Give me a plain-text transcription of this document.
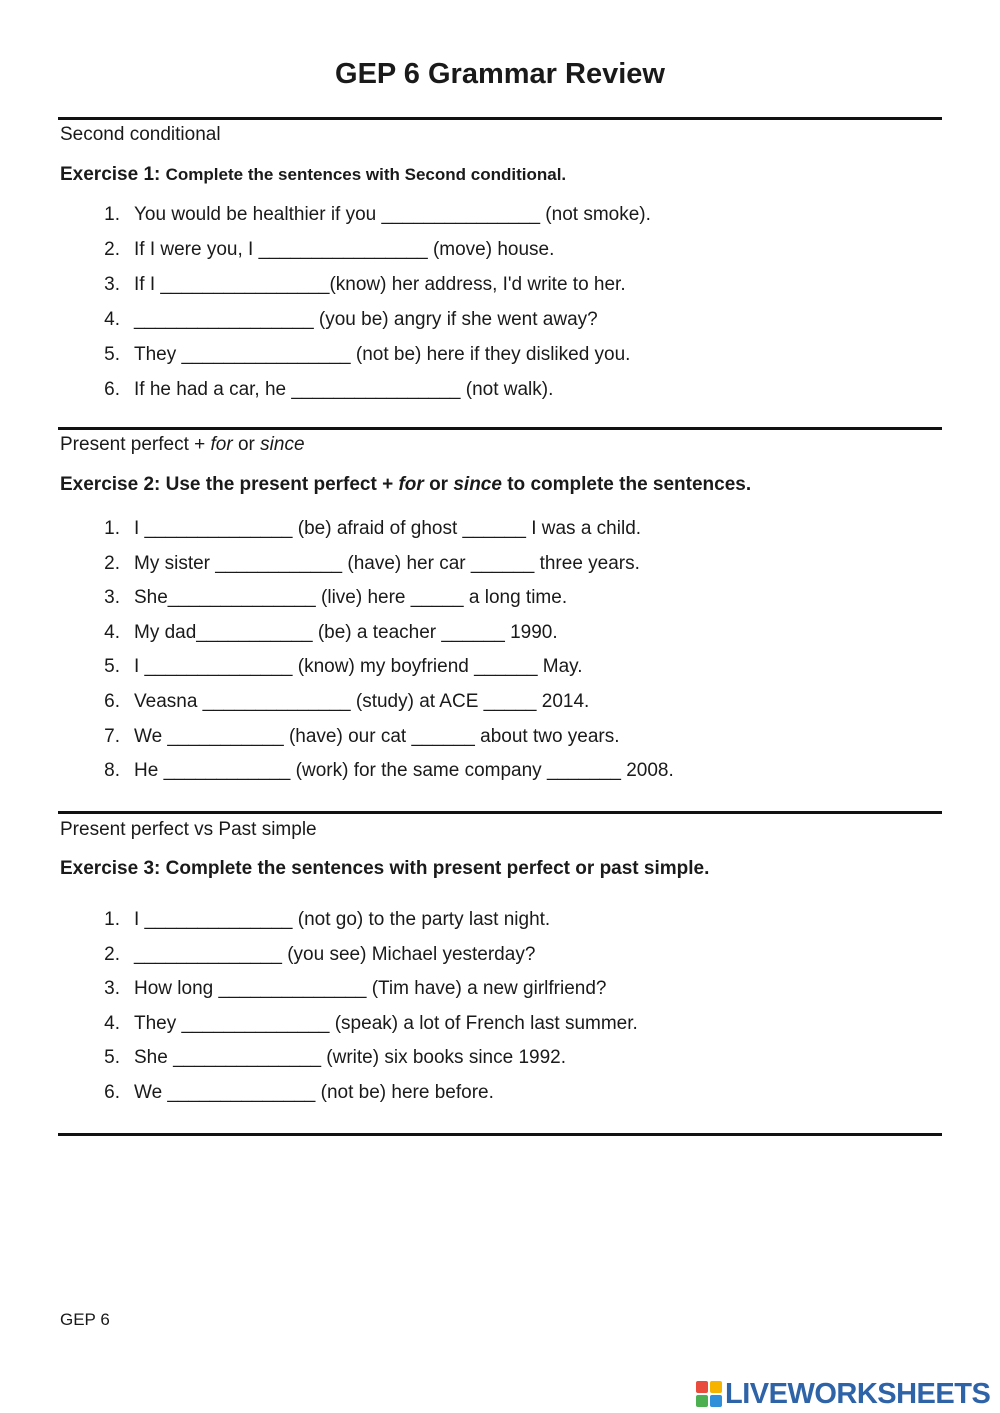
GEP 6 Grammar Review

Second conditional

Exercise 1: Complete the sentences with Second conditional.

1. You would be healthier if you _______________ (not smoke).
2. If I were you, I ________________ (move) house.
3. If I ________________(know) her address, I'd write to her.
4. _________________ (you be) angry if she went away?
5. They ________________ (not be) here if they disliked you.
6. If he had a car, he ________________ (not walk).

Present perfect + for or since

Exercise 2: Use the present perfect + for or since to complete the sentences.

1. I ______________ (be) afraid of ghost ______ I was a child.
2. My sister ____________ (have) her car ______ three years.
3. She______________ (live) here _____ a long time.
4. My dad___________ (be) a teacher ______ 1990.
5. I ______________ (know) my boyfriend ______ May.
6. Veasna ______________ (study) at ACE _____ 2014.
7. We ___________ (have) our cat ______ about two years.
8. He ____________ (work) for the same company _______ 2008.

Present perfect vs Past simple

Exercise 3: Complete the sentences with present perfect or past simple.

1. I ______________ (not go) to the party last night.
2. ______________ (you see) Michael yesterday?
3. How long ______________ (Tim have) a new girlfriend?
4. They ______________ (speak) a lot of French last summer.
5. She ______________ (write) six books since 1992.
6. We ______________ (not be) here before.
GEP 6
LIVEWORKSHEETS
